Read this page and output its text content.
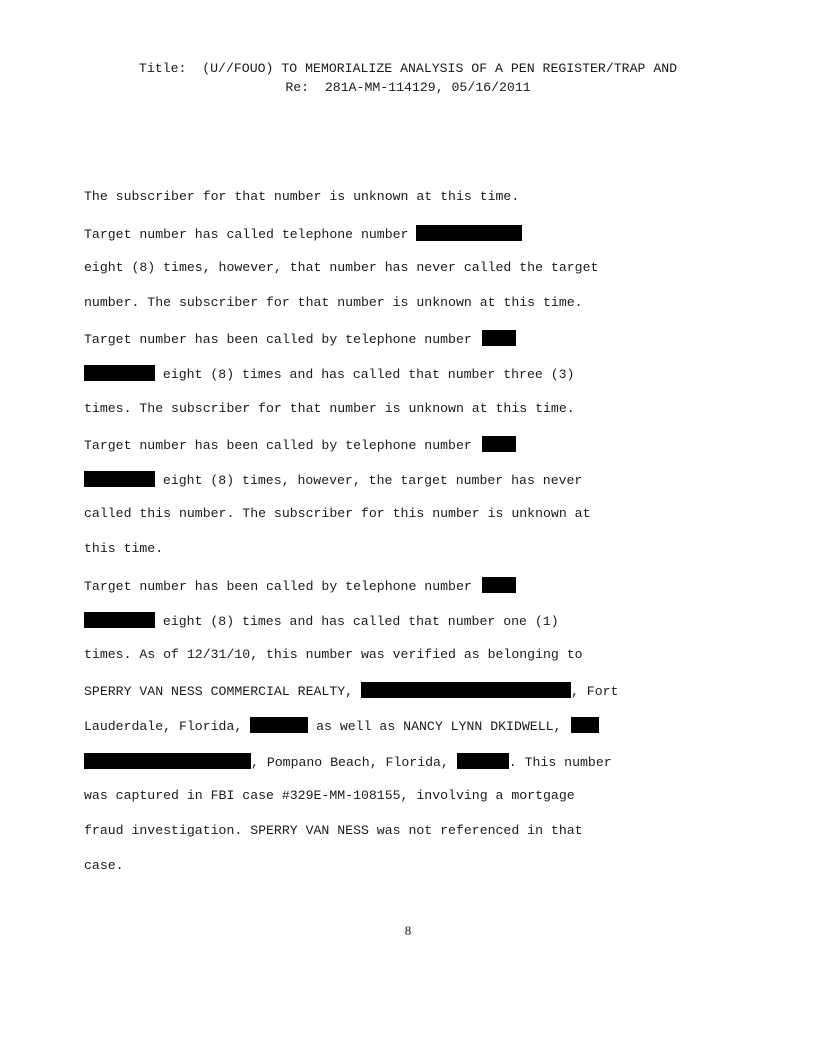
Title:  (U//FOUO) TO MEMORIALIZE ANALYSIS OF A PEN REGISTER/TRAP AND
Re:  281A-MM-114129, 05/16/2011
The subscriber for that number is unknown at this time.
Target number has called telephone number
eight (8) times, however, that number has never called the target
number. The subscriber for that number is unknown at this time.
Target number has been called by telephone number
eight (8) times and has called that number three (3)
times. The subscriber for that number is unknown at this time.
Target number has been called by telephone number
eight (8) times, however, the target number has never
called this number. The subscriber for this number is unknown at
this time.
Target number has been called by telephone number
eight (8) times and has called that number one (1)
times. As of 12/31/10, this number was verified as belonging to
SPERRY VAN NESS COMMERCIAL REALTY,	, Fort
Lauderdale, Florida,	as well as NANCY LYNN DKIDWELL,
, Pompano Beach, Florida,	. This number
was captured in FBI case #329E-MM-108155, involving a mortgage
fraud investigation. SPERRY VAN NESS was not referenced in that
case.
8
